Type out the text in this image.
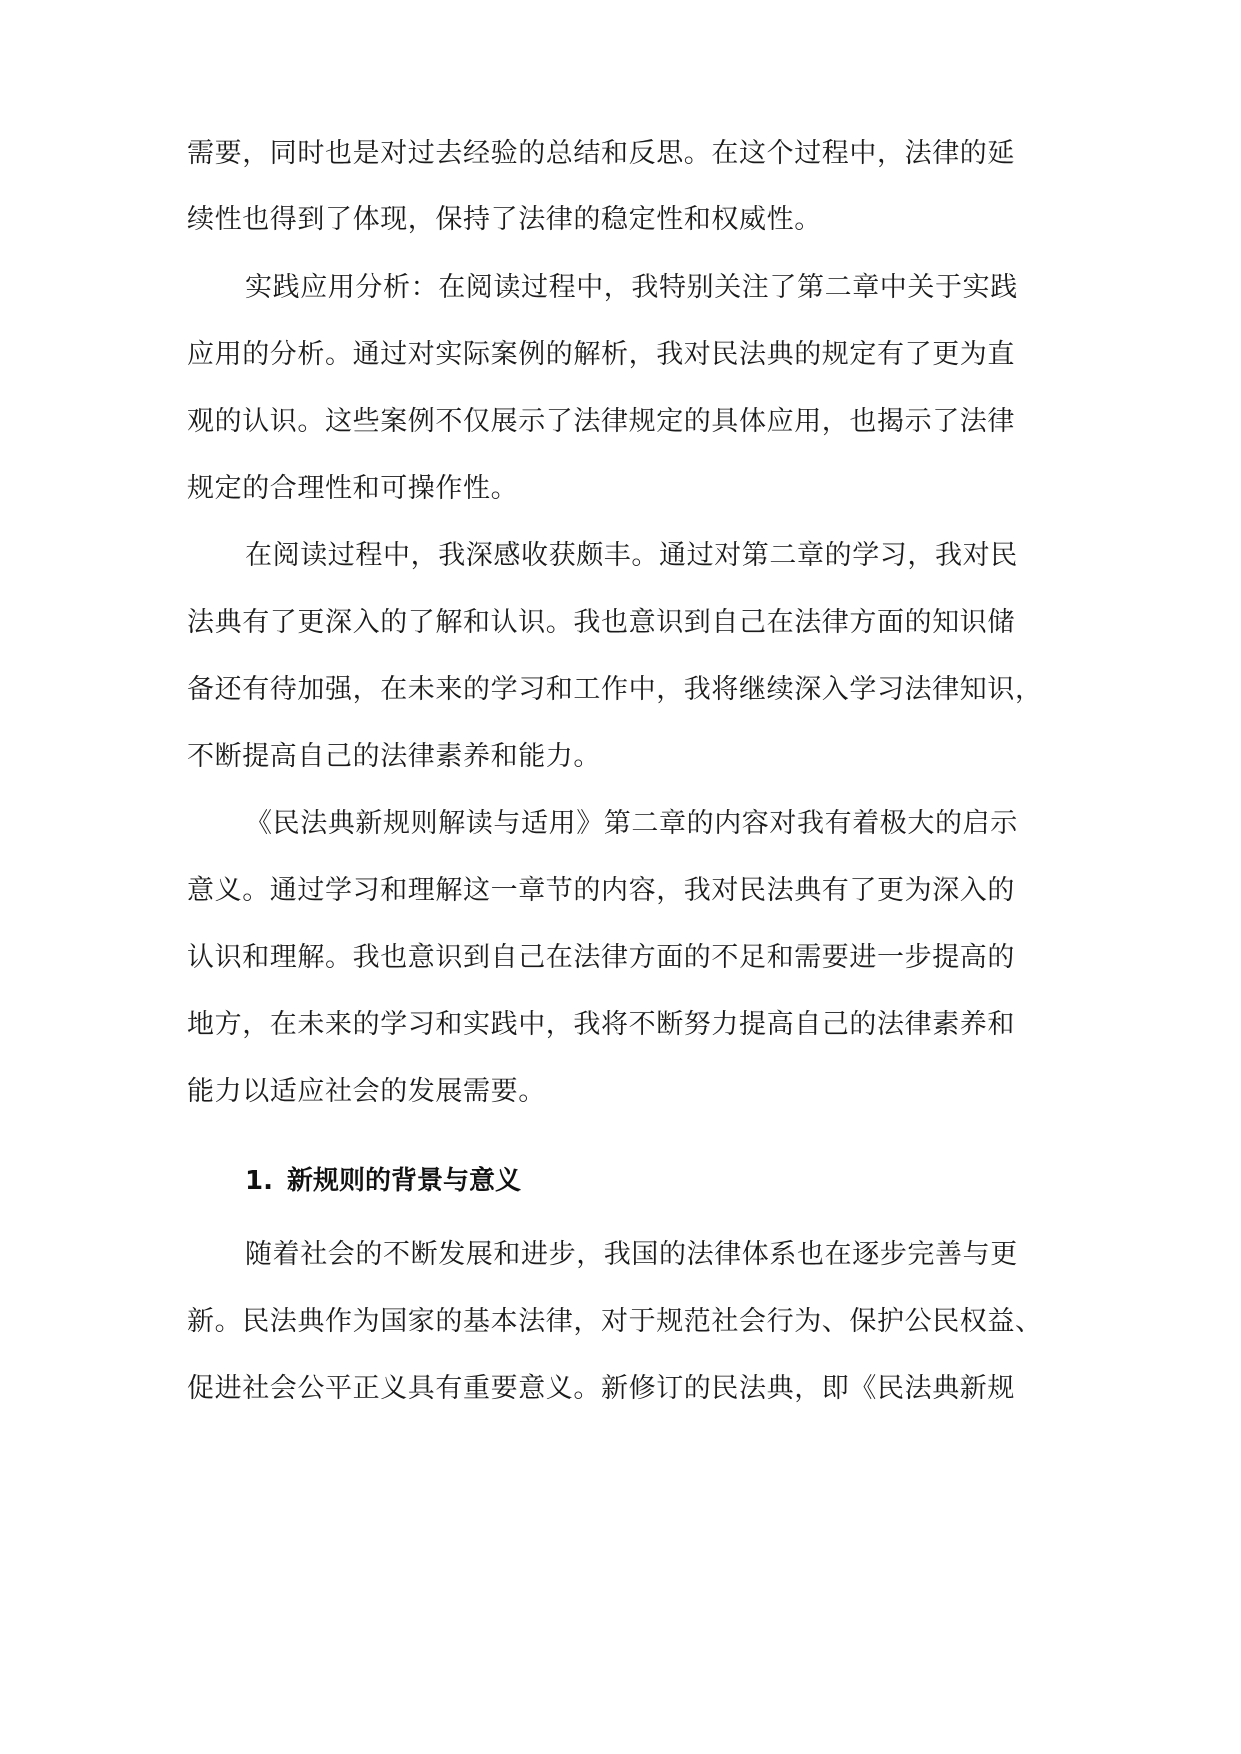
需要，同时也是对过去经验的总结和反思。在这个过程中，法律的延
续性也得到了体现，保持了法律的稳定性和权威性。
实践应用分析：在阅读过程中，我特别关注了第二章中关于实践
应用的分析。通过对实际案例的解析，我对民法典的规定有了更为直
观的认识。这些案例不仅展示了法律规定的具体应用，也揭示了法律
规定的合理性和可操作性。
在阅读过程中，我深感收获颇丰。通过对第二章的学习，我对民
法典有了更深入的了解和认识。我也意识到自己在法律方面的知识储
备还有待加强，在未来的学习和工作中，我将继续深入学习法律知识，
不断提高自己的法律素养和能力。
《民法典新规则解读与适用》第二章的内容对我有着极大的启示
意义。通过学习和理解这一章节的内容，我对民法典有了更为深入的
认识和理解。我也意识到自己在法律方面的不足和需要进一步提高的
地方，在未来的学习和实践中，我将不断努力提高自己的法律素养和
能力以适应社会的发展需要。
1. 新规则的背景与意义
随着社会的不断发展和进步，我国的法律体系也在逐步完善与更
新。民法典作为国家的基本法律，对于规范社会行为、保护公民权益、
促进社会公平正义具有重要意义。新修订的民法典，即《民法典新规
